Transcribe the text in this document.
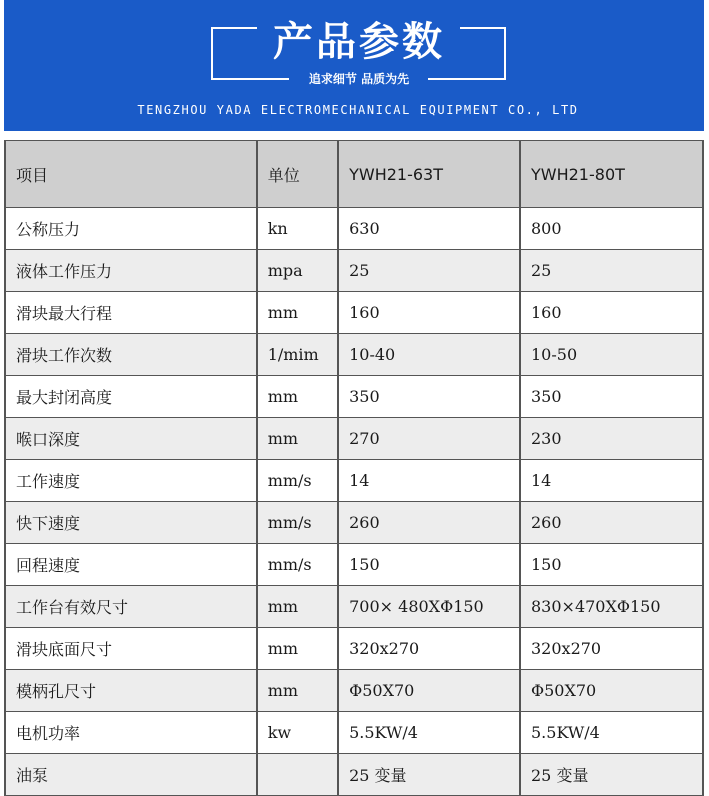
产品参数
追求细节 品质为先
TENGZHOU YADA ELECTROMECHANICAL EQUIPMENT CO., LTD
项目	单位	YWH21-63T	YWH21-80T
公称压力	kn	630	800
液体工作压力	mpa	25	25
滑块最大行程	mm	160	160
滑块工作次数	1/mim	10-40	10-50
最大封闭高度	mm	350	350
喉口深度	mm	270	230
工作速度	mm/s	14	14
快下速度	mm/s	260	260
回程速度	mm/s	150	150
工作台有效尺寸	mm	700× 480XΦ150	830×470XΦ150
滑块底面尺寸	mm	320x270	320x270
模柄孔尺寸	mm	Φ50X70	Φ50X70
电机功率	kw	5.5KW/4	5.5KW/4
油泵		25 变量	25 变量
